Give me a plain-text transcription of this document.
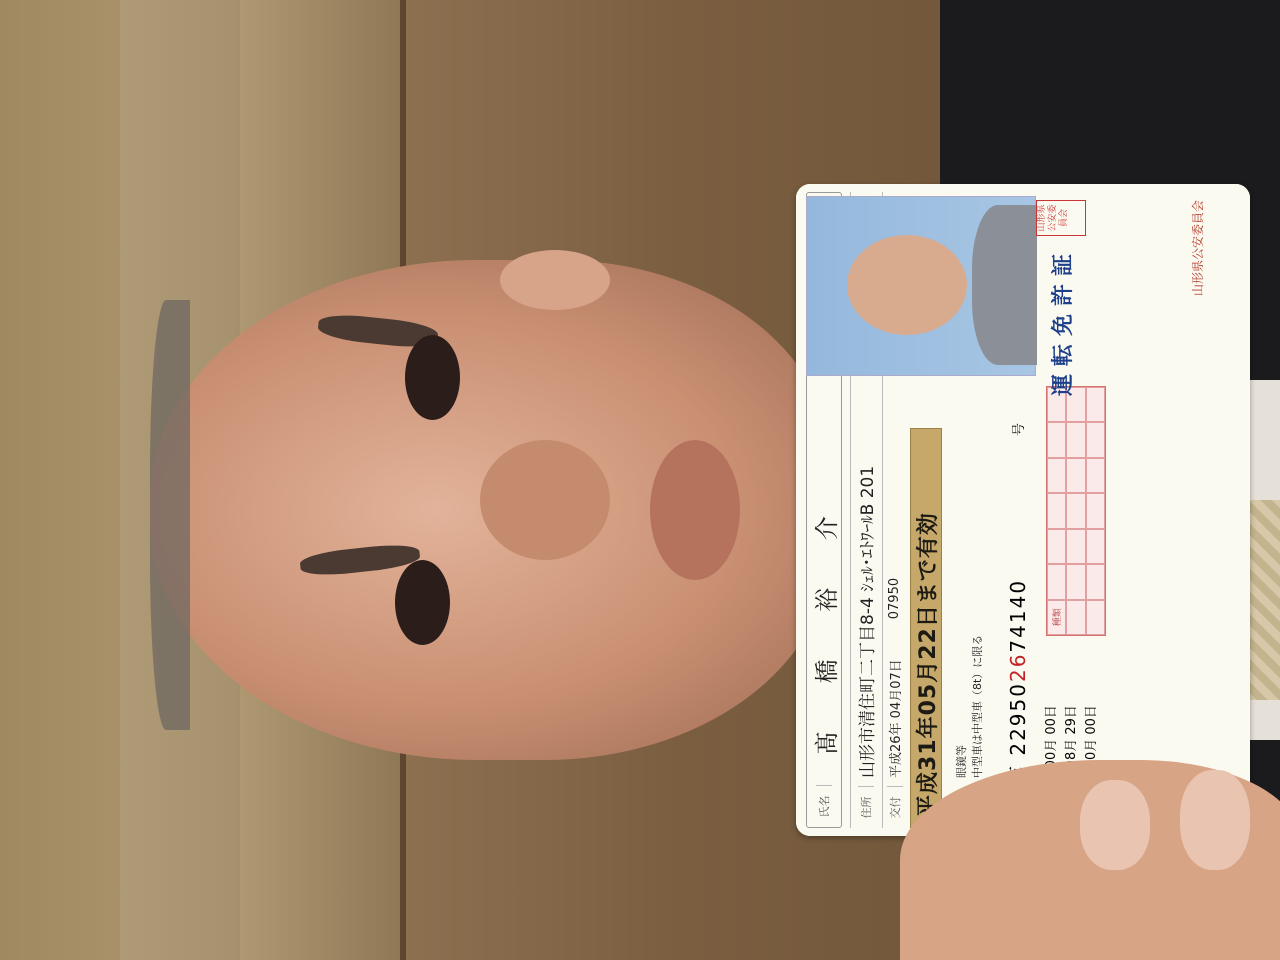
氏名
髙 橋 裕 介
住所
山形市清住町二丁目8-4 ｼｪﾙ･ｴﾄﾜｰﾙB 201
交付
平成26年 04月07日
07950 平成31年05月22日まで有効 眼鏡等 中型車は中型車（8t）に限る 229502674140
号
種類
山形県公安委員会
運転免許証	山形県公安委員会
